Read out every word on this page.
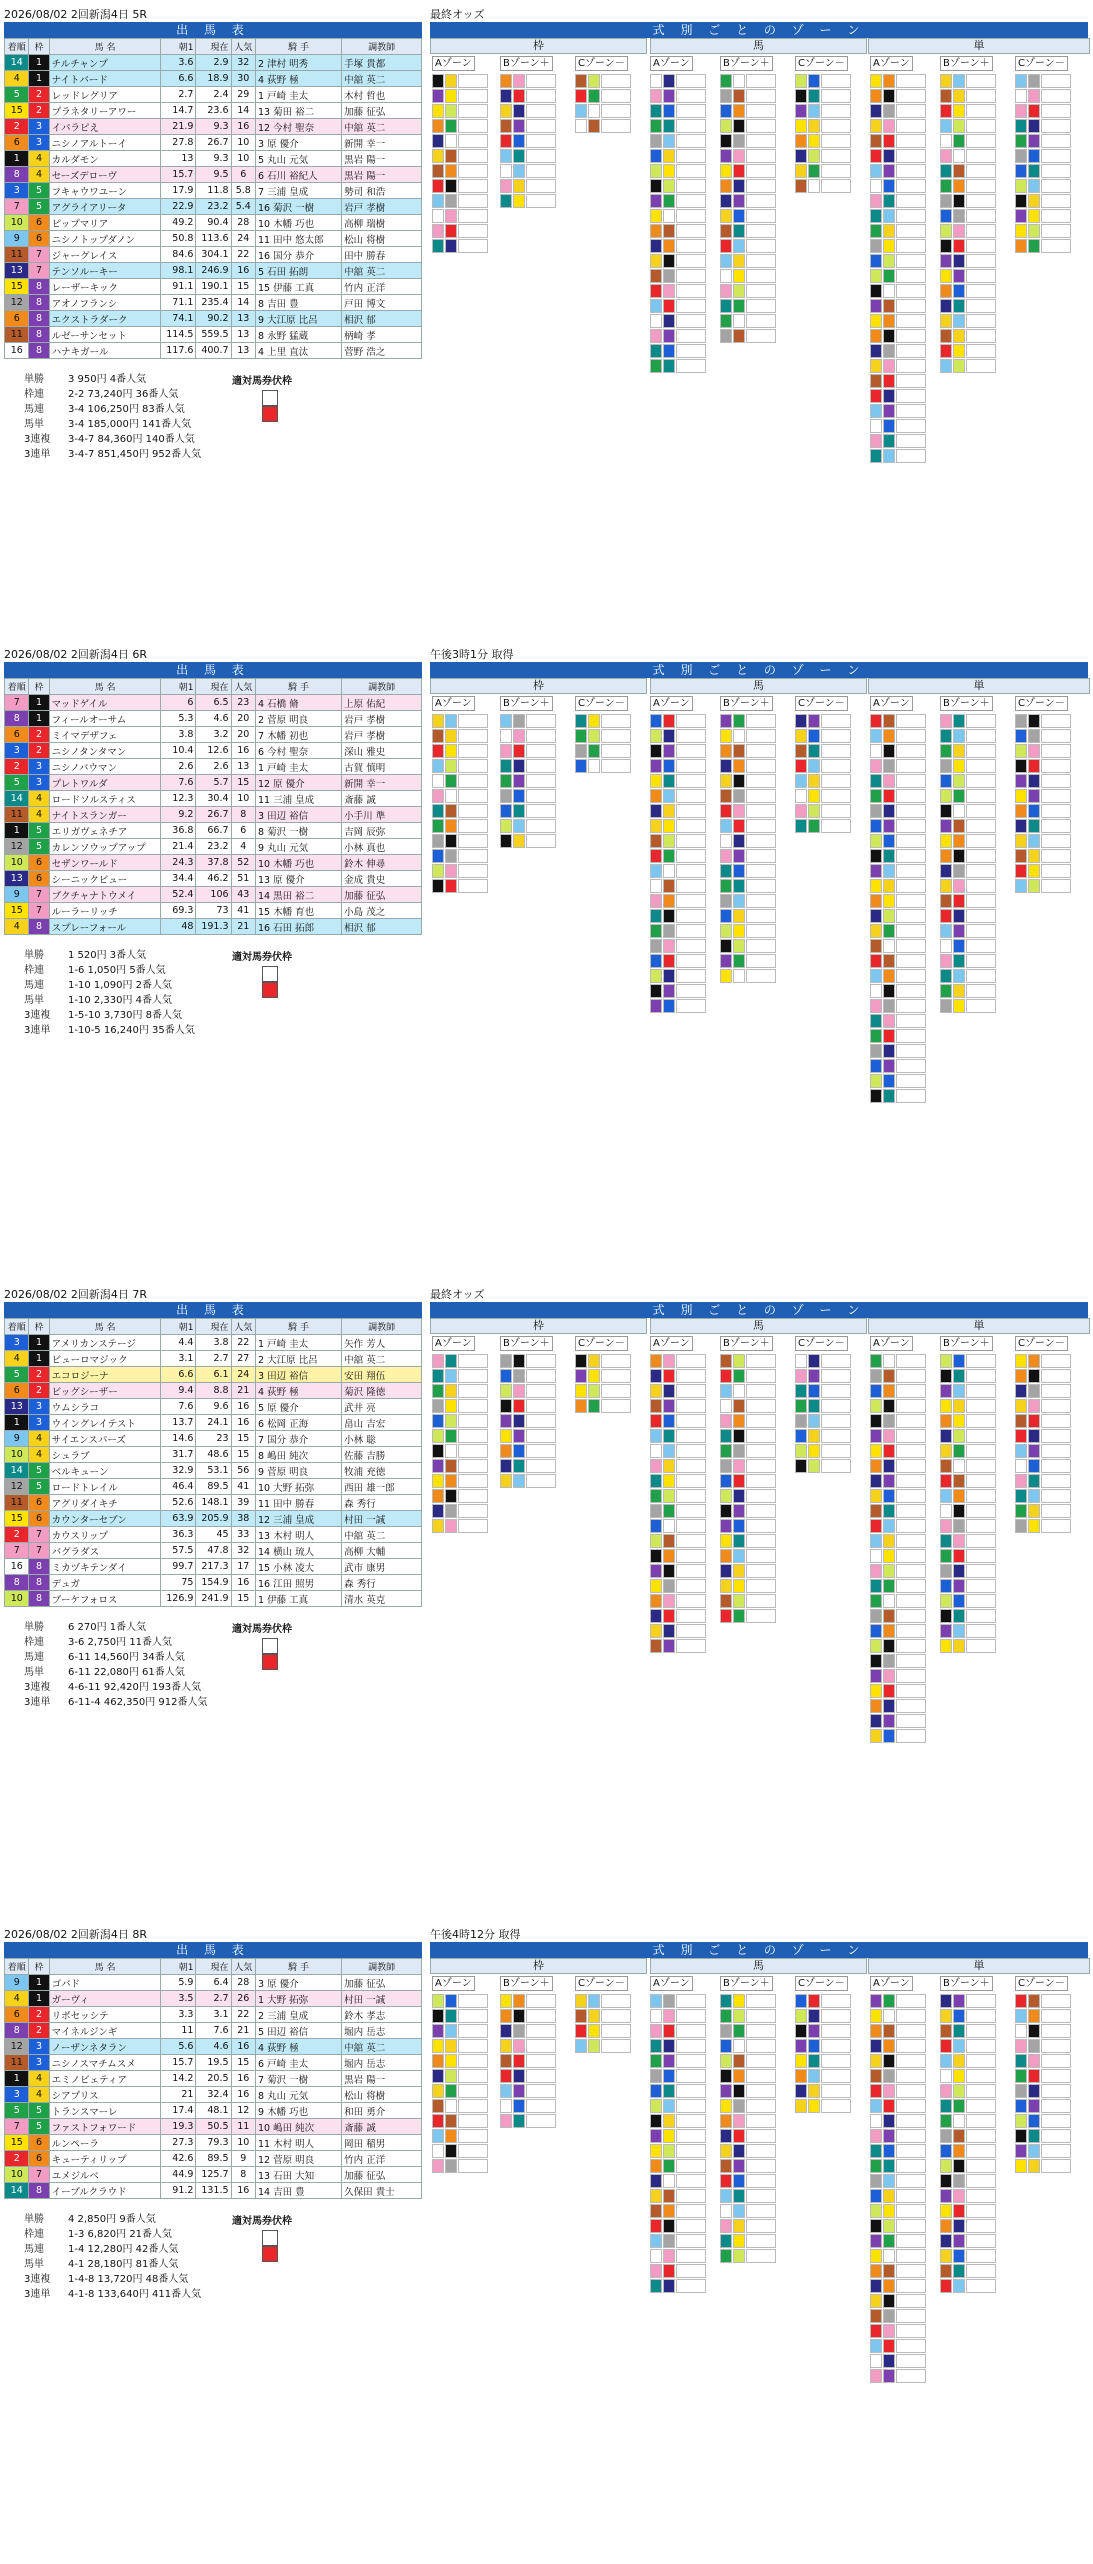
2026/08/02 2回新潟4日 5R	最終オッズ
出 馬 表	式 別 ご と の ゾ ー ン
着順	枠	馬 名	朝1	現在	人気	騎 手	調教師
14	1	チルチャンプ	3.6	2.9	32	2 津村 明秀	手塚 貴都
4	1	ナイトバード	6.6	18.9	30	4 荻野 極	中舘 英二
5	2	レッドレグリア	2.7	2.4	29	1 戸崎 圭太	木村 哲也
15	2	プラネタリーアワー	14.7	23.6	14	13 菊田 裕二	加藤 征弘
2	3	イパラピえ	21.9	9.3	16	12 今村 聖奈	中舘 英二
6	3	ニシノアルトーイ	27.8	26.7	10	3 原 優介	新開 幸一
1	4	カルダモン	13	9.3	10	5 丸山 元気	黒岩 陽一
8	4	セーズデローヴ	15.7	9.5	6	6 石川 裕紀人	黒岩 陽一
3	5	フキャウワユーン	17.9	11.8	5.8	7 三浦 皇成	勢司 和浩
7	5	アグライアリータ	22.9	23.2	5.4	16 菊沢 一樹	岩戸 孝樹
10	6	ピップマリア	49.2	90.4	28	10 木幡 巧也	高柳 瑞樹
9	6	ニシノトップダノン	50.8	113.6	24	11 田中 悠太郎	松山 将樹
11	7	ジャーグレイス	84.6	304.1	22	16 国分 恭介	田中 勝春
13	7	テンソルーキー	98.1	246.9	16	5 石田 拓朗	中舘 英二
15	8	レーザーキック	91.1	190.1	15	15 伊藤 工真	竹内 正洋
12	8	アオノフランシ	71.1	235.4	14	8 吉田 豊	戸田 博文
6	8	エクストラダーク	74.1	90.2	13	9 大江原 比呂	相沢 郁
11	8	ルゼーサンセット	114.5	559.5	13	8 永野 猛蔵	柄崎 孝
16	8	ハナキガール	117.6	400.7	13	4 上里 直汰	菅野 浩之
単勝 3 950円 4番人気
枠連 2-2 73,240円 36番人気
馬連 3-4 106,250円 83番人気
馬単 3-4 185,000円 141番人気
3連複 3-4-7 84,360円 140番人気
3連単 3-4-7 851,450円 952番人気
適対馬券伏枠
枠	馬	単
Aゾーン	Bゾーン＋	Cゾーン－	Aゾーン	Bゾーン＋	Cゾーン－	Aゾーン	Bゾーン＋	Cゾーン－
2026/08/02 2回新潟4日 6R	午後3時1分 取得
出 馬 表	式 別 ご と の ゾ ー ン
着順	枠	馬 名	朝1	現在	人気	騎 手	調教師
7	1	マッドゲイル	6	6.5	23	4 石橋 脩	上原 佑紀
8	1	フィールオーサム	5.3	4.6	20	2 菅原 明良	岩戸 孝樹
6	2	ミイマデザフェ	3.8	3.2	20	7 木幡 初也	岩戸 孝樹
3	2	ニシノタンタマン	10.4	12.6	16	6 今村 聖奈	深山 雅史
2	3	ニシノバウマン	2.6	2.6	13	1 戸崎 圭太	古賀 慎明
5	3	プレトワルダ	7.6	5.7	15	12 原 優介	新開 幸一
14	4	ロードソルスティス	12.3	30.4	10	11 三浦 皇成	斎藤 誠
11	4	ナイトスランガー	9.2	26.7	8	3 田辺 裕信	小手川 準
1	5	エリガヴェネチア	36.8	66.7	6	8 菊沢 一樹	吉岡 辰弥
12	5	カレンソウップアップ	21.4	23.2	4	9 丸山 元気	小林 真也
10	6	セザンワールド	24.3	37.8	52	10 木幡 巧也	鈴木 伸尋
13	6	シーニックビュー	34.4	46.2	51	13 原 優介	金成 貴史
9	7	ブクチャナトウメイ	52.4	106	43	14 黒田 裕二	加藤 征弘
15	7	ルーラーリッチ	69.3	73	41	15 木幡 育也	小島 茂之
4	8	スプレーフォール	48	191.3	21	16 石田 拓郎	相沢 郁
単勝 1 520円 3番人気
枠連 1-6 1,050円 5番人気
馬連 1-10 1,090円 2番人気
馬単 1-10 2,330円 4番人気
3連複 1-5-10 3,730円 8番人気
3連単 1-10-5 16,240円 35番人気
適対馬券伏枠
枠	馬	単
Aゾーン	Bゾーン＋	Cゾーン－	Aゾーン	Bゾーン＋	Cゾーン－	Aゾーン	Bゾーン＋	Cゾーン－
2026/08/02 2回新潟4日 7R	最終オッズ
出 馬 表	式 別 ご と の ゾ ー ン
着順	枠	馬 名	朝1	現在	人気	騎 手	調教師
3	1	アメリカンステージ	4.4	3.8	22	1 戸崎 圭太	矢作 芳人
4	1	ビューロマジック	3.1	2.7	27	2 大江原 比呂	中舘 英二
5	2	エコロジーナ	6.6	6.1	24	3 田辺 裕信	安田 翔伍
6	2	ビッグシーザー	9.4	8.8	21	4 荻野 極	菊沢 隆徳
13	3	ウムシラコ	7.6	9.6	16	5 原 優介	武井 亮
1	3	ウイングレイテスト	13.7	24.1	16	6 松岡 正海	畠山 吉宏
9	4	サイエンスパーズ	14.6	23	15	7 国分 恭介	小林 聡
10	4	シュラブ	31.7	48.6	15	8 嶋田 純次	佐藤 吉勝
14	5	ベルキューン	32.9	53.1	56	9 菅原 明良	牧浦 充徳
12	5	ロードトレイル	46.4	89.5	41	10 大野 拓弥	西田 雄一郎
11	6	アグリダイキチ	52.6	148.1	39	11 田中 勝春	森 秀行
15	6	カウンターセブン	63.9	205.9	38	12 三浦 皇成	村田 一誠
2	7	カウスリップ	36.3	45	33	13 木村 明人	中舘 英二
7	7	バグラダス	57.5	47.8	32	14 横山 琉人	高柳 大輔
16	8	ミカヅキテンダイ	99.7	217.3	17	15 小林 凌大	武市 康男
8	8	デュガ	75	154.9	16	16 江田 照男	森 秀行
10	8	ブーケフォロス	126.9	241.9	15	1 伊藤 工真	清水 英克
単勝 6 270円 1番人気
枠連 3-6 2,750円 11番人気
馬連 6-11 14,560円 34番人気
馬単 6-11 22,080円 61番人気
3連複 4-6-11 92,420円 193番人気
3連単 6-11-4 462,350円 912番人気
適対馬券伏枠
枠	馬	単
Aゾーン	Bゾーン＋	Cゾーン－	Aゾーン	Bゾーン＋	Cゾーン－	Aゾーン	Bゾーン＋	Cゾーン－
2026/08/02 2回新潟4日 8R	午後4時12分 取得
出 馬 表	式 別 ご と の ゾ ー ン
着順	枠	馬 名	朝1	現在	人気	騎 手	調教師
9	1	ゴバド	5.9	6.4	28	3 原 優介	加藤 征弘
4	1	ガーヴィ	3.5	2.7	26	1 大野 拓弥	村田 一誠
6	2	リボセッシテ	3.3	3.1	22	2 三浦 皇成	鈴木 孝志
8	2	マイネルジンギ	11	7.6	21	5 田辺 裕信	堀内 岳志
12	3	ノーザンネタラン	5.6	4.6	16	4 荻野 極	中舘 英二
11	3	ニシノスマチムスメ	15.7	19.5	15	6 戸崎 圭太	堀内 岳志
1	4	エミノビェティア	14.2	20.5	16	7 菊沢 一樹	黒岩 陽一
3	4	シアプリス	21	32.4	16	8 丸山 元気	松山 将樹
5	5	トランスマーレ	17.4	48.1	12	9 木幡 巧也	和田 勇介
7	5	ファストフォワード	19.3	50.5	11	10 嶋田 純次	斎藤 誠
15	6	ルンペーラ	27.3	79.3	10	11 木村 明人	岡田 稲男
2	6	キューティリップ	42.6	89.5	9	12 菅原 明良	竹内 正洋
10	7	ユメジルベ	44.9	125.7	8	13 石田 大知	加藤 征弘
14	8	イーブルクラウド	91.2	131.5	16	14 吉田 豊	久保田 貴士
単勝 4 2,850円 9番人気
枠連 1-3 6,820円 21番人気
馬連 1-4 12,280円 42番人気
馬単 4-1 28,180円 81番人気
3連複 1-4-8 13,720円 48番人気
3連単 4-1-8 133,640円 411番人気
適対馬券伏枠
枠	馬	単
Aゾーン	Bゾーン＋	Cゾーン－	Aゾーン	Bゾーン＋	Cゾーン－	Aゾーン	Bゾーン＋	Cゾーン－
